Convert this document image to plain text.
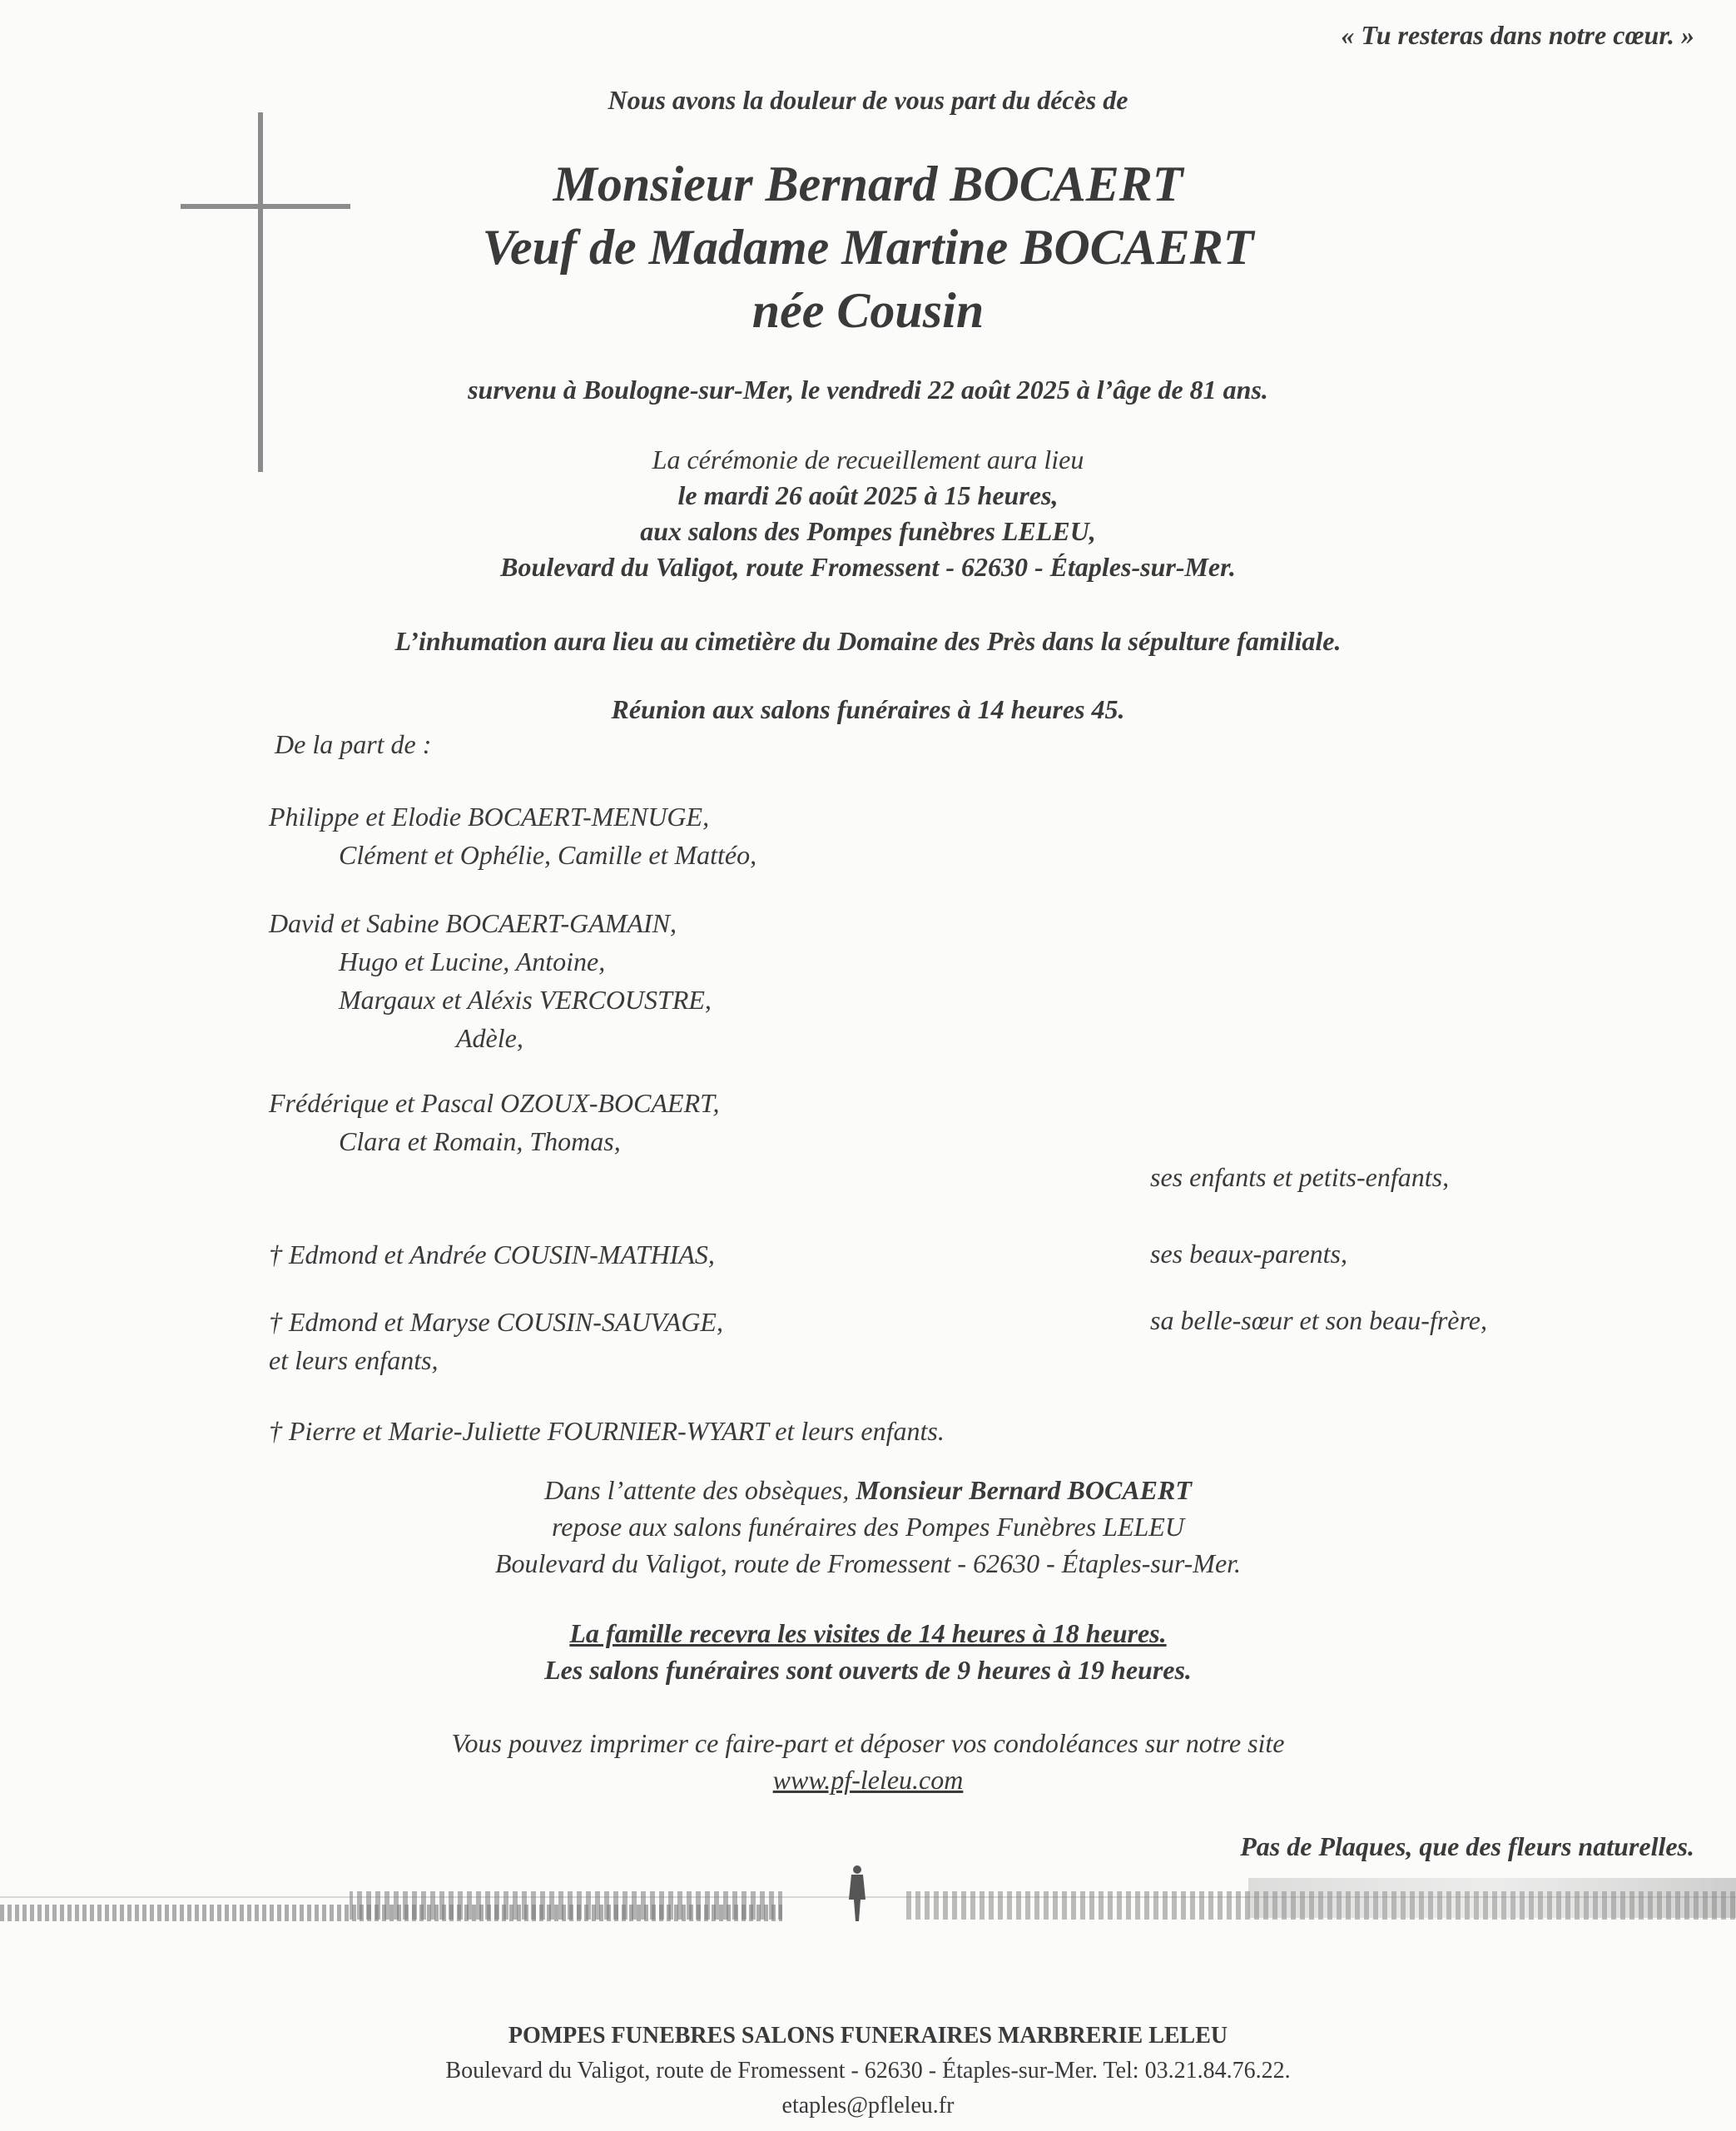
« Tu resteras dans notre cœur. »
Nous avons la douleur de vous part du décès de
Monsieur Bernard BOCAERT
Veuf de Madame Martine BOCAERT
née Cousin
survenu à Boulogne-sur-Mer, le vendredi 22 août 2025 à l’âge de 81 ans.
La cérémonie de recueillement aura lieu
le mardi 26 août 2025 à 15 heures,
aux salons des Pompes funèbres LELEU,
Boulevard du Valigot, route Fromessent - 62630 - Étaples-sur-Mer.
L’inhumation aura lieu au cimetière du Domaine des Près dans la sépulture familiale.
Réunion aux salons funéraires à 14 heures 45.
De la part de :
Philippe et Elodie BOCAERT-MENUGE,
Clément et Ophélie, Camille et Mattéo,
David et Sabine BOCAERT-GAMAIN,
Hugo et Lucine, Antoine,
Margaux et Aléxis VERCOUSTRE,
Adèle,
Frédérique et Pascal OZOUX-BOCAERT,
Clara et Romain, Thomas,
ses enfants et petits-enfants,
† Edmond et Andrée COUSIN-MATHIAS,	ses beaux-parents,
† Edmond et Maryse COUSIN-SAUVAGE,
et leurs enfants,
sa belle-sœur et son beau-frère,
† Pierre et Marie-Juliette FOURNIER-WYART et leurs enfants.
Dans l’attente des obsèques, Monsieur Bernard BOCAERT
repose aux salons funéraires des Pompes Funèbres LELEU
Boulevard du Valigot, route de Fromessent - 62630 - Étaples-sur-Mer.
La famille recevra les visites de 14 heures à 18 heures.
Les salons funéraires sont ouverts de 9 heures à 19 heures.
Vous pouvez imprimer ce faire-part et déposer vos condoléances sur notre site
www.pf-leleu.com
Pas de Plaques, que des fleurs naturelles.
POMPES FUNEBRES SALONS FUNERAIRES MARBRERIE LELEU
Boulevard du Valigot, route de Fromessent - 62630 - Étaples-sur-Mer. Tel: 03.21.84.76.22.
etaples@pfleleu.fr
